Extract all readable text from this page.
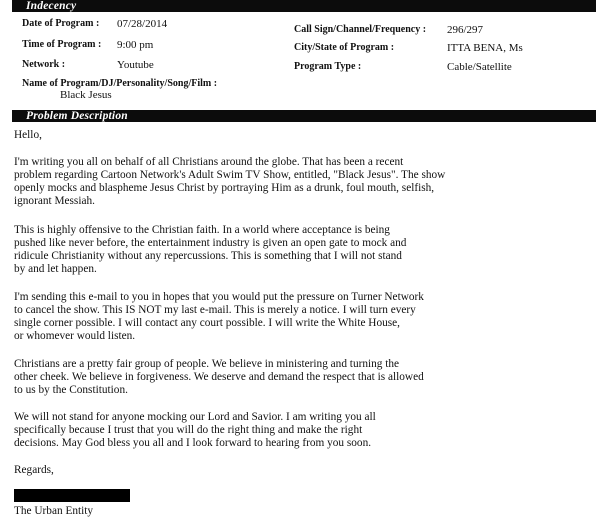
Indecency
Date of Program : 07/28/2014
Time of Program : 9:00 pm
Network :	Youtube
Name of Program/DJ/Personality/Song/Film :
Black Jesus
Call Sign/Channel/Frequency : 296/297
City/State of Program :	ITTA BENA, Ms
Program Type :	Cable/Satellite
Problem Description

Hello,

I'm writing you all on behalf of all Christians around the globe. That has been a recent
problem regarding Cartoon Network's Adult Swim TV Show, entitled, "Black Jesus". The show
openly mocks and blaspheme Jesus Christ by portraying Him as a drunk, foul mouth, selfish,
ignorant Messiah.

This is highly offensive to the Christian faith. In a world where acceptance is being
pushed like never before, the entertainment industry is given an open gate to mock and
ridicule Christianity without any repercussions. This is something that I will not stand
by and let happen.

I'm sending this e-mail to you in hopes that you would put the pressure on Turner Network
to cancel the show. This IS NOT my last e-mail. This is merely a notice. I will turn every
single corner possible. I will contact any court possible. I will write the White House,
or whomever would listen.

Christians are a pretty fair group of people. We believe in ministering and turning the
other cheek. We believe in forgiveness. We deserve and demand the respect that is allowed
to us by the Constitution.

We will not stand for anyone mocking our Lord and Savior. I am writing you all
specifically because I trust that you will do the right thing and make the right
decisions. May God bless you all and I look forward to hearing from you soon.

Regards,

The Urban Entity
